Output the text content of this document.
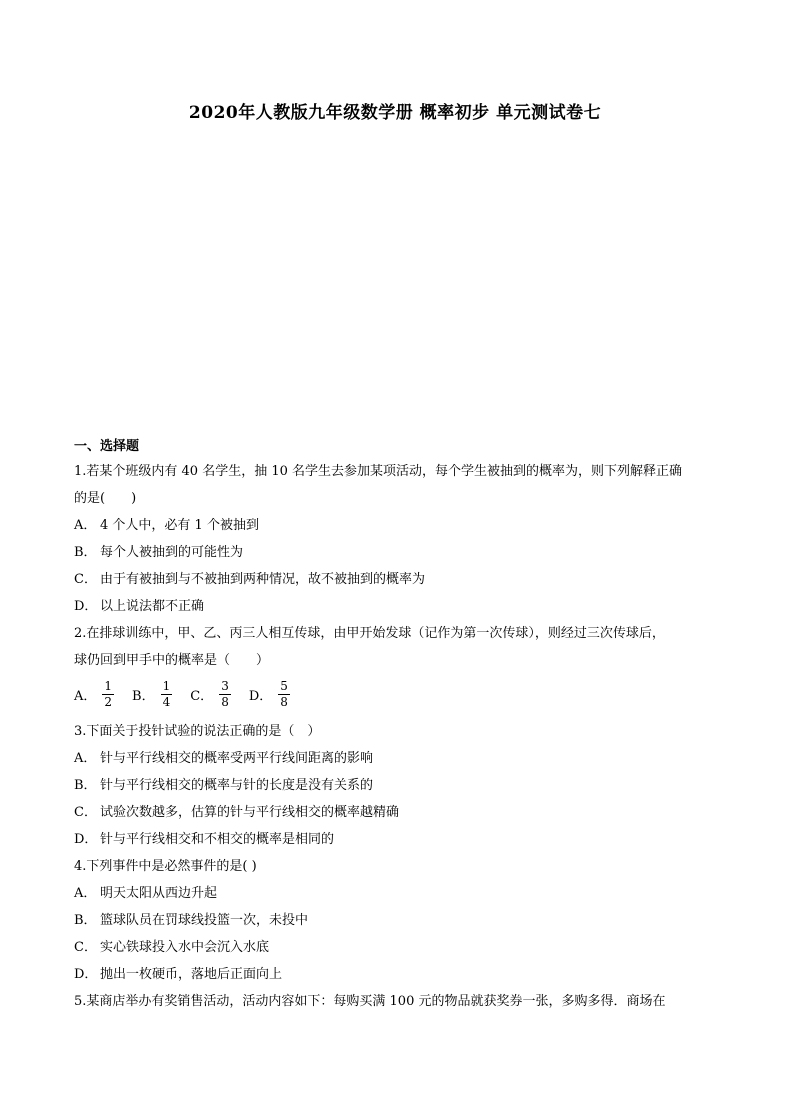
2020年人教版九年级数学册 概率初步 单元测试卷七
一、选择题
1.若某个班级内有 40 名学生，抽 10 名学生去参加某项活动，每个学生被抽到的概率为，则下列解释正确
的是(　　)
A． 4 个人中，必有 1 个被抽到
B． 每个人被抽到的可能性为
C． 由于有被抽到与不被抽到两种情况，故不被抽到的概率为
D． 以上说法都不正确
2.在排球训练中，甲、乙、丙三人相互传球，由甲开始发球（记作为第一次传球），则经过三次传球后，
球仍回到甲手中的概率是（　　）
A． $\frac{1}{2}$ B． $\frac{1}{4}$ C． $\frac{3}{8}$ D． $\frac{5}{8}$
3.下面关于投针试验的说法正确的是（　）
A． 针与平行线相交的概率受两平行线间距离的影响
B． 针与平行线相交的概率与针的长度是没有关系的
C． 试验次数越多，估算的针与平行线相交的概率越精确
D． 针与平行线相交和不相交的概率是相同的
4.下列事件中是必然事件的是( )
A． 明天太阳从西边升起
B． 篮球队员在罚球线投篮一次，未投中
C． 实心铁球投入水中会沉入水底
D． 抛出一枚硬币，落地后正面向上
5.某商店举办有奖销售活动，活动内容如下：每购买满 100 元的物品就获奖券一张，多购多得．商场在
